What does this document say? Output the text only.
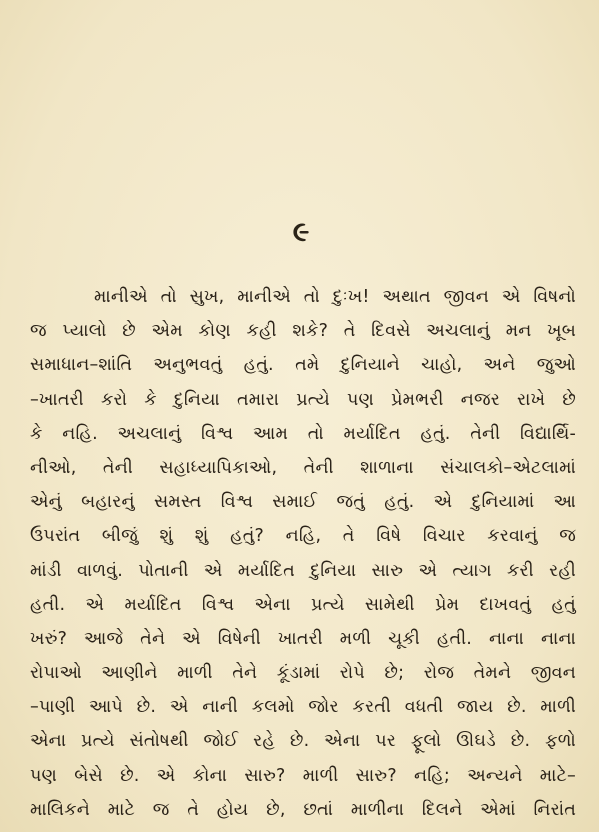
૯
માનીએ તો સુખ, માનીએ તો દુઃખ! અથાત જીવન એ વિષનો
જ પ્યાલો છે એમ કોણ કહી શકે? તે દિવસે અચલાનું મન ખૂબ
સમાધાન–શાંતિ અનુભવતું હતું. તમે દુનિયાને ચાહો, અને જુઓ
–ખાતરી કરો કે દુનિયા તમારા પ્રત્યે પણ પ્રેમભરી નજર રાખે છે
કે નહિ. અચલાનું વિશ્વ આમ તો મર્યાદિત હતું. તેની વિદ્યાર્થિ-
નીઓ, તેની સહાધ્યાપિકાઓ, તેની શાળાના સંચાલકો–એટલામાં
એનું બહારનું સમસ્ત વિશ્વ સમાઈ જતું હતું. એ દુનિયામાં આ
ઉપરાંત બીજું શું શું હતું? નહિ, તે વિષે વિચાર કરવાનું જ
માંડી વાળવું. પોતાની એ મર્યાદિત દુનિયા સારુ એ ત્યાગ કરી રહી
હતી. એ મર્યાદિત વિશ્વ એના પ્રત્યે સામેથી પ્રેમ દાખવતું હતું
ખરું? આજે તેને એ વિષેની ખાતરી મળી ચૂકી હતી. નાના નાના
રોપાઓ આણીને માળી તેને કૂંડામાં રોપે છે; રોજ તેમને જીવન
–પાણી આપે છે. એ નાની કલમો જોર કરતી વધતી જાય છે. માળી
એના પ્રત્યે સંતોષથી જોઈ રહે છે. એના પર ફૂલો ઊઘડે છે. ફળો
પણ બેસે છે. એ કોના સારુ? માળી સારુ? નહિ; અન્યને માટે–
માલિકને માટે જ તે હોય છે, છતાં માળીના દિલને એમાં નિરાંત
